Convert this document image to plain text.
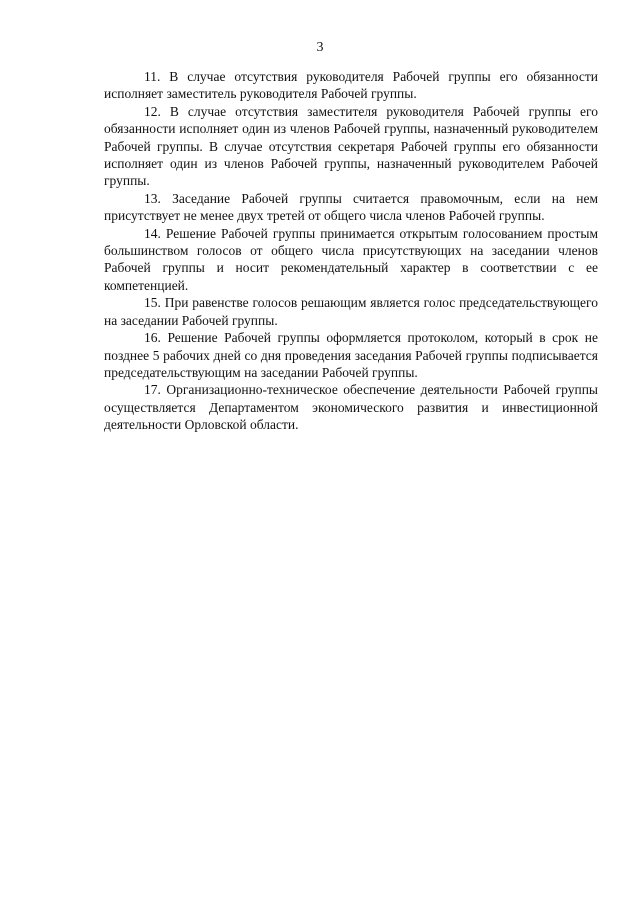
3

11. В случае отсутствия руководителя Рабочей группы его обязанности исполняет заместитель руководителя Рабочей группы.

12. В случае отсутствия заместителя руководителя Рабочей группы его обязанности исполняет один из членов Рабочей группы, назначенный руководителем Рабочей группы. В случае отсутствия секретаря Рабочей группы его обязанности исполняет один из членов Рабочей группы, назначенный руководителем Рабочей группы.

13. Заседание Рабочей группы считается правомочным, если на нем присутствует не менее двух третей от общего числа членов Рабочей группы.

14. Решение Рабочей группы принимается открытым голосованием простым большинством голосов от общего числа присутствующих на заседании членов Рабочей группы и носит рекомендательный характер в соответствии с ее компетенцией.

15. При равенстве голосов решающим является голос председательствующего на заседании Рабочей группы.

16. Решение Рабочей группы оформляется протоколом, который в срок не позднее 5 рабочих дней со дня проведения заседания Рабочей группы подписывается председательствующим на заседании Рабочей группы.

17. Организационно-техническое обеспечение деятельности Рабочей группы осуществляется Департаментом экономического развития и инвестиционной деятельности Орловской области.
